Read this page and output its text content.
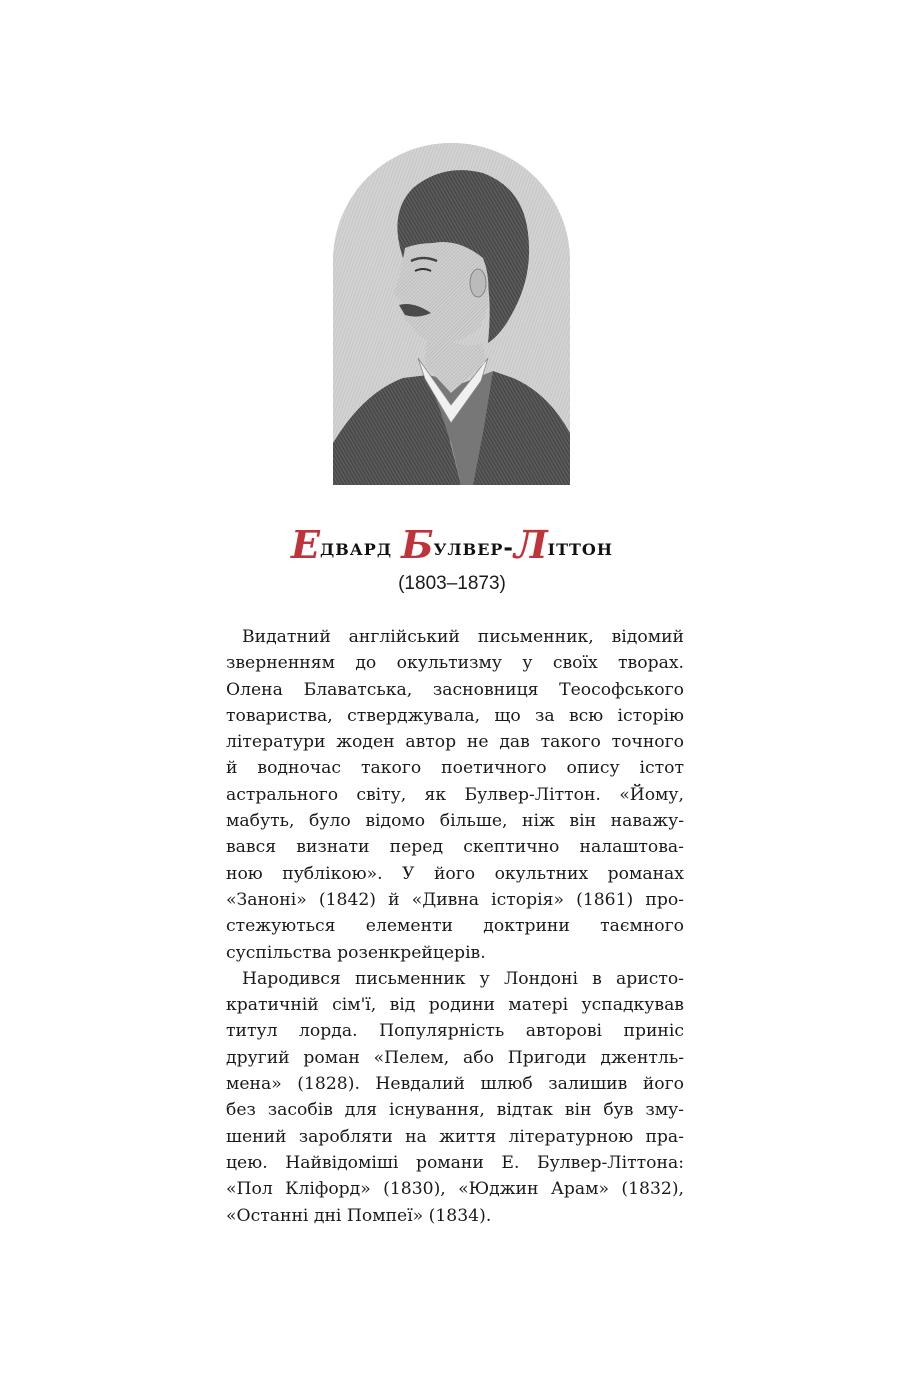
Едвард Булвер-Літтон
(1803–1873)

Видатний англійський письменник, відомий
зверненням до окультизму у своїх творах.
Олена Блаватська, засновниця Теософського
товариства, стверджувала, що за всю історію
літератури жоден автор не дав такого точного
й водночас такого поетичного опису істот
астрального світу, як Булвер-Літтон. «Йому,
мабуть, було відомо більше, ніж він наважу-
вався визнати перед скептично налаштова-
ною публікою». У його окультних романах
«Заноні» (1842) й «Дивна історія» (1861) про-
стежуються елементи доктрини таємного
суспільства розенкрейцерів.

Народився письменник у Лондоні в аристо-
кратичній сім'ї, від родини матері успадкував
титул лорда. Популярність авторові приніс
другий роман «Пелем, або Пригоди джентль-
мена» (1828). Невдалий шлюб залишив його
без засобів для існування, відтак він був зму-
шений заробляти на життя літературною пра-
цею. Найвідоміші романи Е. Булвер-Літтона:
«Пол Кліфорд» (1830), «Юджин Арам» (1832),
«Останні дні Помпеї» (1834).
